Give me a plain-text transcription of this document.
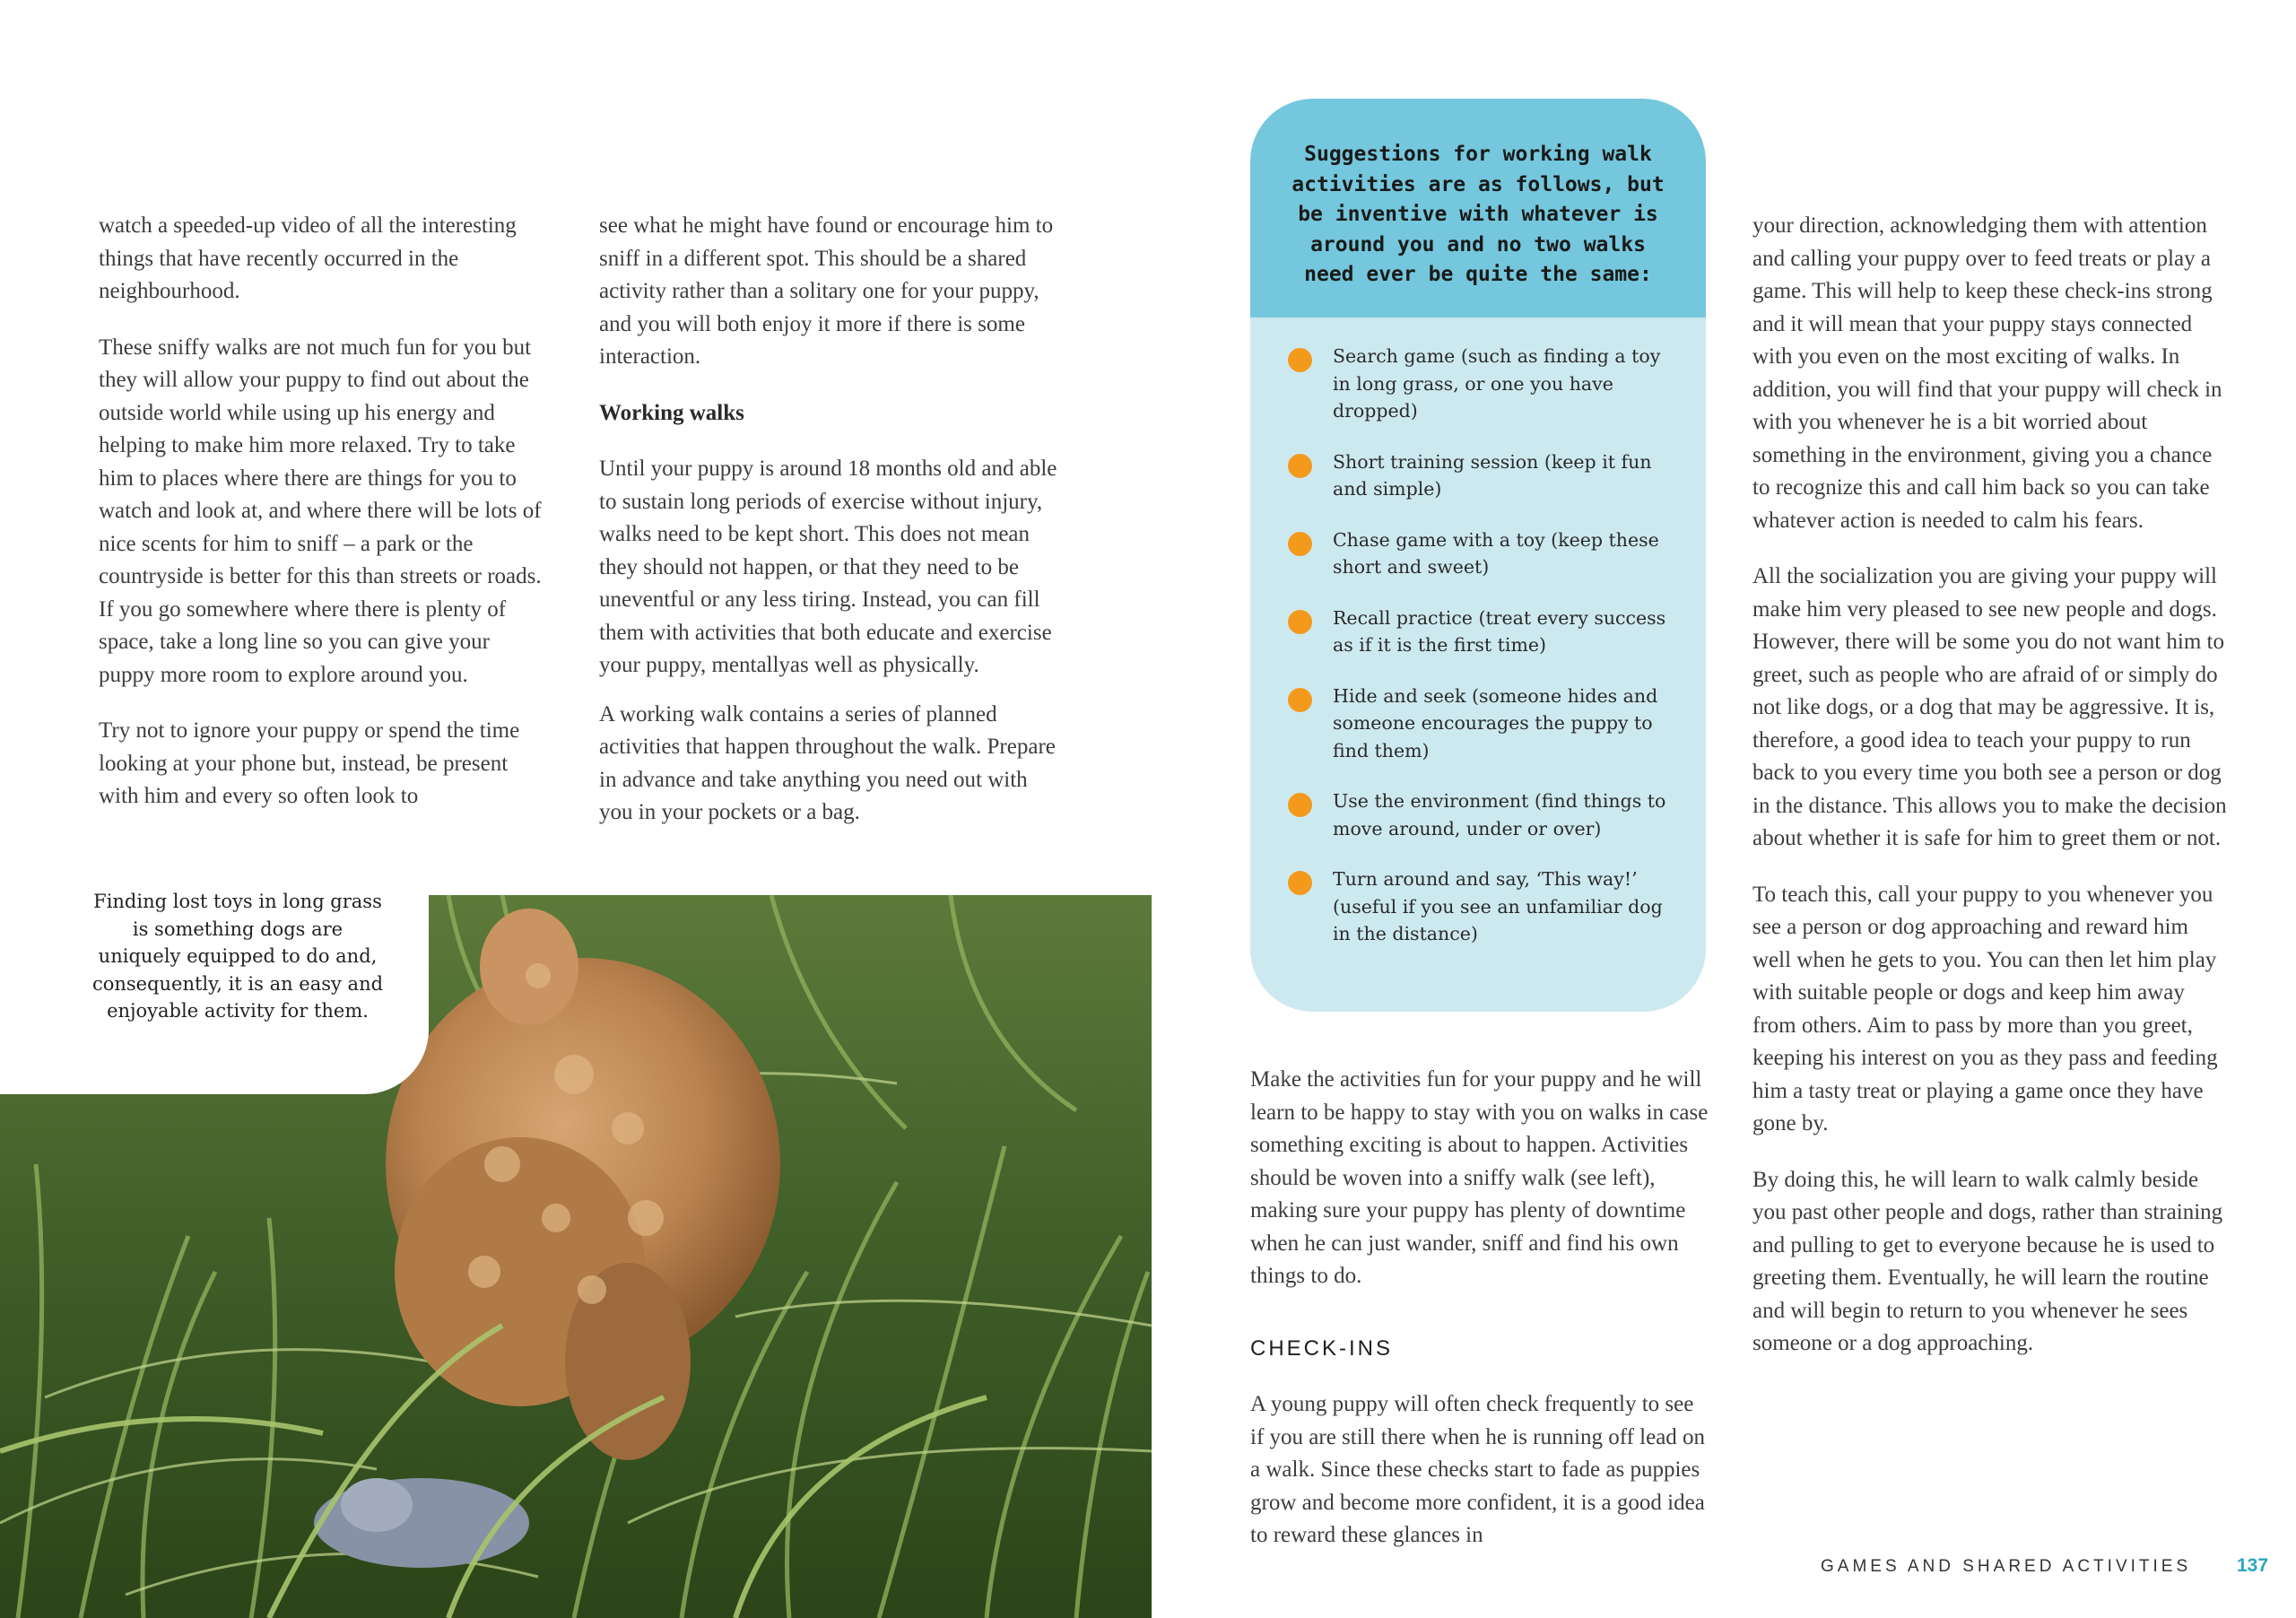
watch a speeded-up video of all the interesting things that have recently occurred in the neighbourhood.

These sniffy walks are not much fun for you but they will allow your puppy to find out about the outside world while using up his energy and helping to make him more relaxed. Try to take him to places where there are things for you to watch and look at, and where there will be lots of nice scents for him to sniff – a park or the countryside is better for this than streets or roads. If you go somewhere where there is plenty of space, take a long line so you can give your puppy more room to explore around you.

Try not to ignore your puppy or spend the time looking at your phone but, instead, be present with him and every so often look to

see what he might have found or encourage him to sniff in a different spot. This should be a shared activity rather than a solitary one for your puppy, and you will both enjoy it more if there is some interaction.

Working walks

Until your puppy is around 18 months old and able to sustain long periods of exercise without injury, walks need to be kept short. This does not mean they should not happen, or that they need to be uneventful or any less tiring. Instead, you can fill them with activities that both educate and exercise your puppy, mentallyas well as physically.

A working walk contains a series of planned activities that happen throughout the walk. Prepare in advance and take anything you need out with you in your pockets or a bag.

Finding lost toys in long grass is something dogs are uniquely equipped to do and, consequently, it is an easy and enjoyable activity for them.
Suggestions for working walk activities are as follows, but be inventive with whatever is around you and no two walks need ever be quite the same:
Search game (such as finding a toy in long grass, or one you have dropped)
Short training session (keep it fun and simple)
Chase game with a toy (keep these short and sweet)
Recall practice (treat every success as if it is the first time)
Hide and seek (someone hides and someone encourages the puppy to find them)
Use the environment (find things to move around, under or over)
Turn around and say, ‘This way!’ (useful if you see an unfamiliar dog in the distance)

Make the activities fun for your puppy and he will learn to be happy to stay with you on walks in case something exciting is about to happen. Activities should be woven into a sniffy walk (see left), making sure your puppy has plenty of downtime when he can just wander, sniff and find his own things to do.

CHECK-INS

A young puppy will often check frequently to see if you are still there when he is running off lead on a walk. Since these checks start to fade as puppies grow and become more confident, it is a good idea to reward these glances in

your direction, acknowledging them with attention and calling your puppy over to feed treats or play a game. This will help to keep these check-ins strong and it will mean that your puppy stays connected with you even on the most exciting of walks. In addition, you will find that your puppy will check in with you whenever he is a bit worried about something in the environment, giving you a chance to recognize this and call him back so you can take whatever action is needed to calm his fears.

All the socialization you are giving your puppy will make him very pleased to see new people and dogs. However, there will be some you do not want him to greet, such as people who are afraid of or simply do not like dogs, or a dog that may be aggressive. It is, therefore, a good idea to teach your puppy to run back to you every time you both see a person or dog in the distance. This allows you to make the decision about whether it is safe for him to greet them or not.

To teach this, call your puppy to you whenever you see a person or dog approaching and reward him well when he gets to you. You can then let him play with suitable people or dogs and keep him away from others. Aim to pass by more than you greet, keeping his interest on you as they pass and feeding him a tasty treat or playing a game once they have gone by.

By doing this, he will learn to walk calmly beside you past other people and dogs, rather than straining and pulling to get to everyone because he is used to greeting them. Eventually, he will learn the routine and will begin to return to you whenever he sees someone or a dog approaching.

GAMES AND SHARED ACTIVITIES 137
